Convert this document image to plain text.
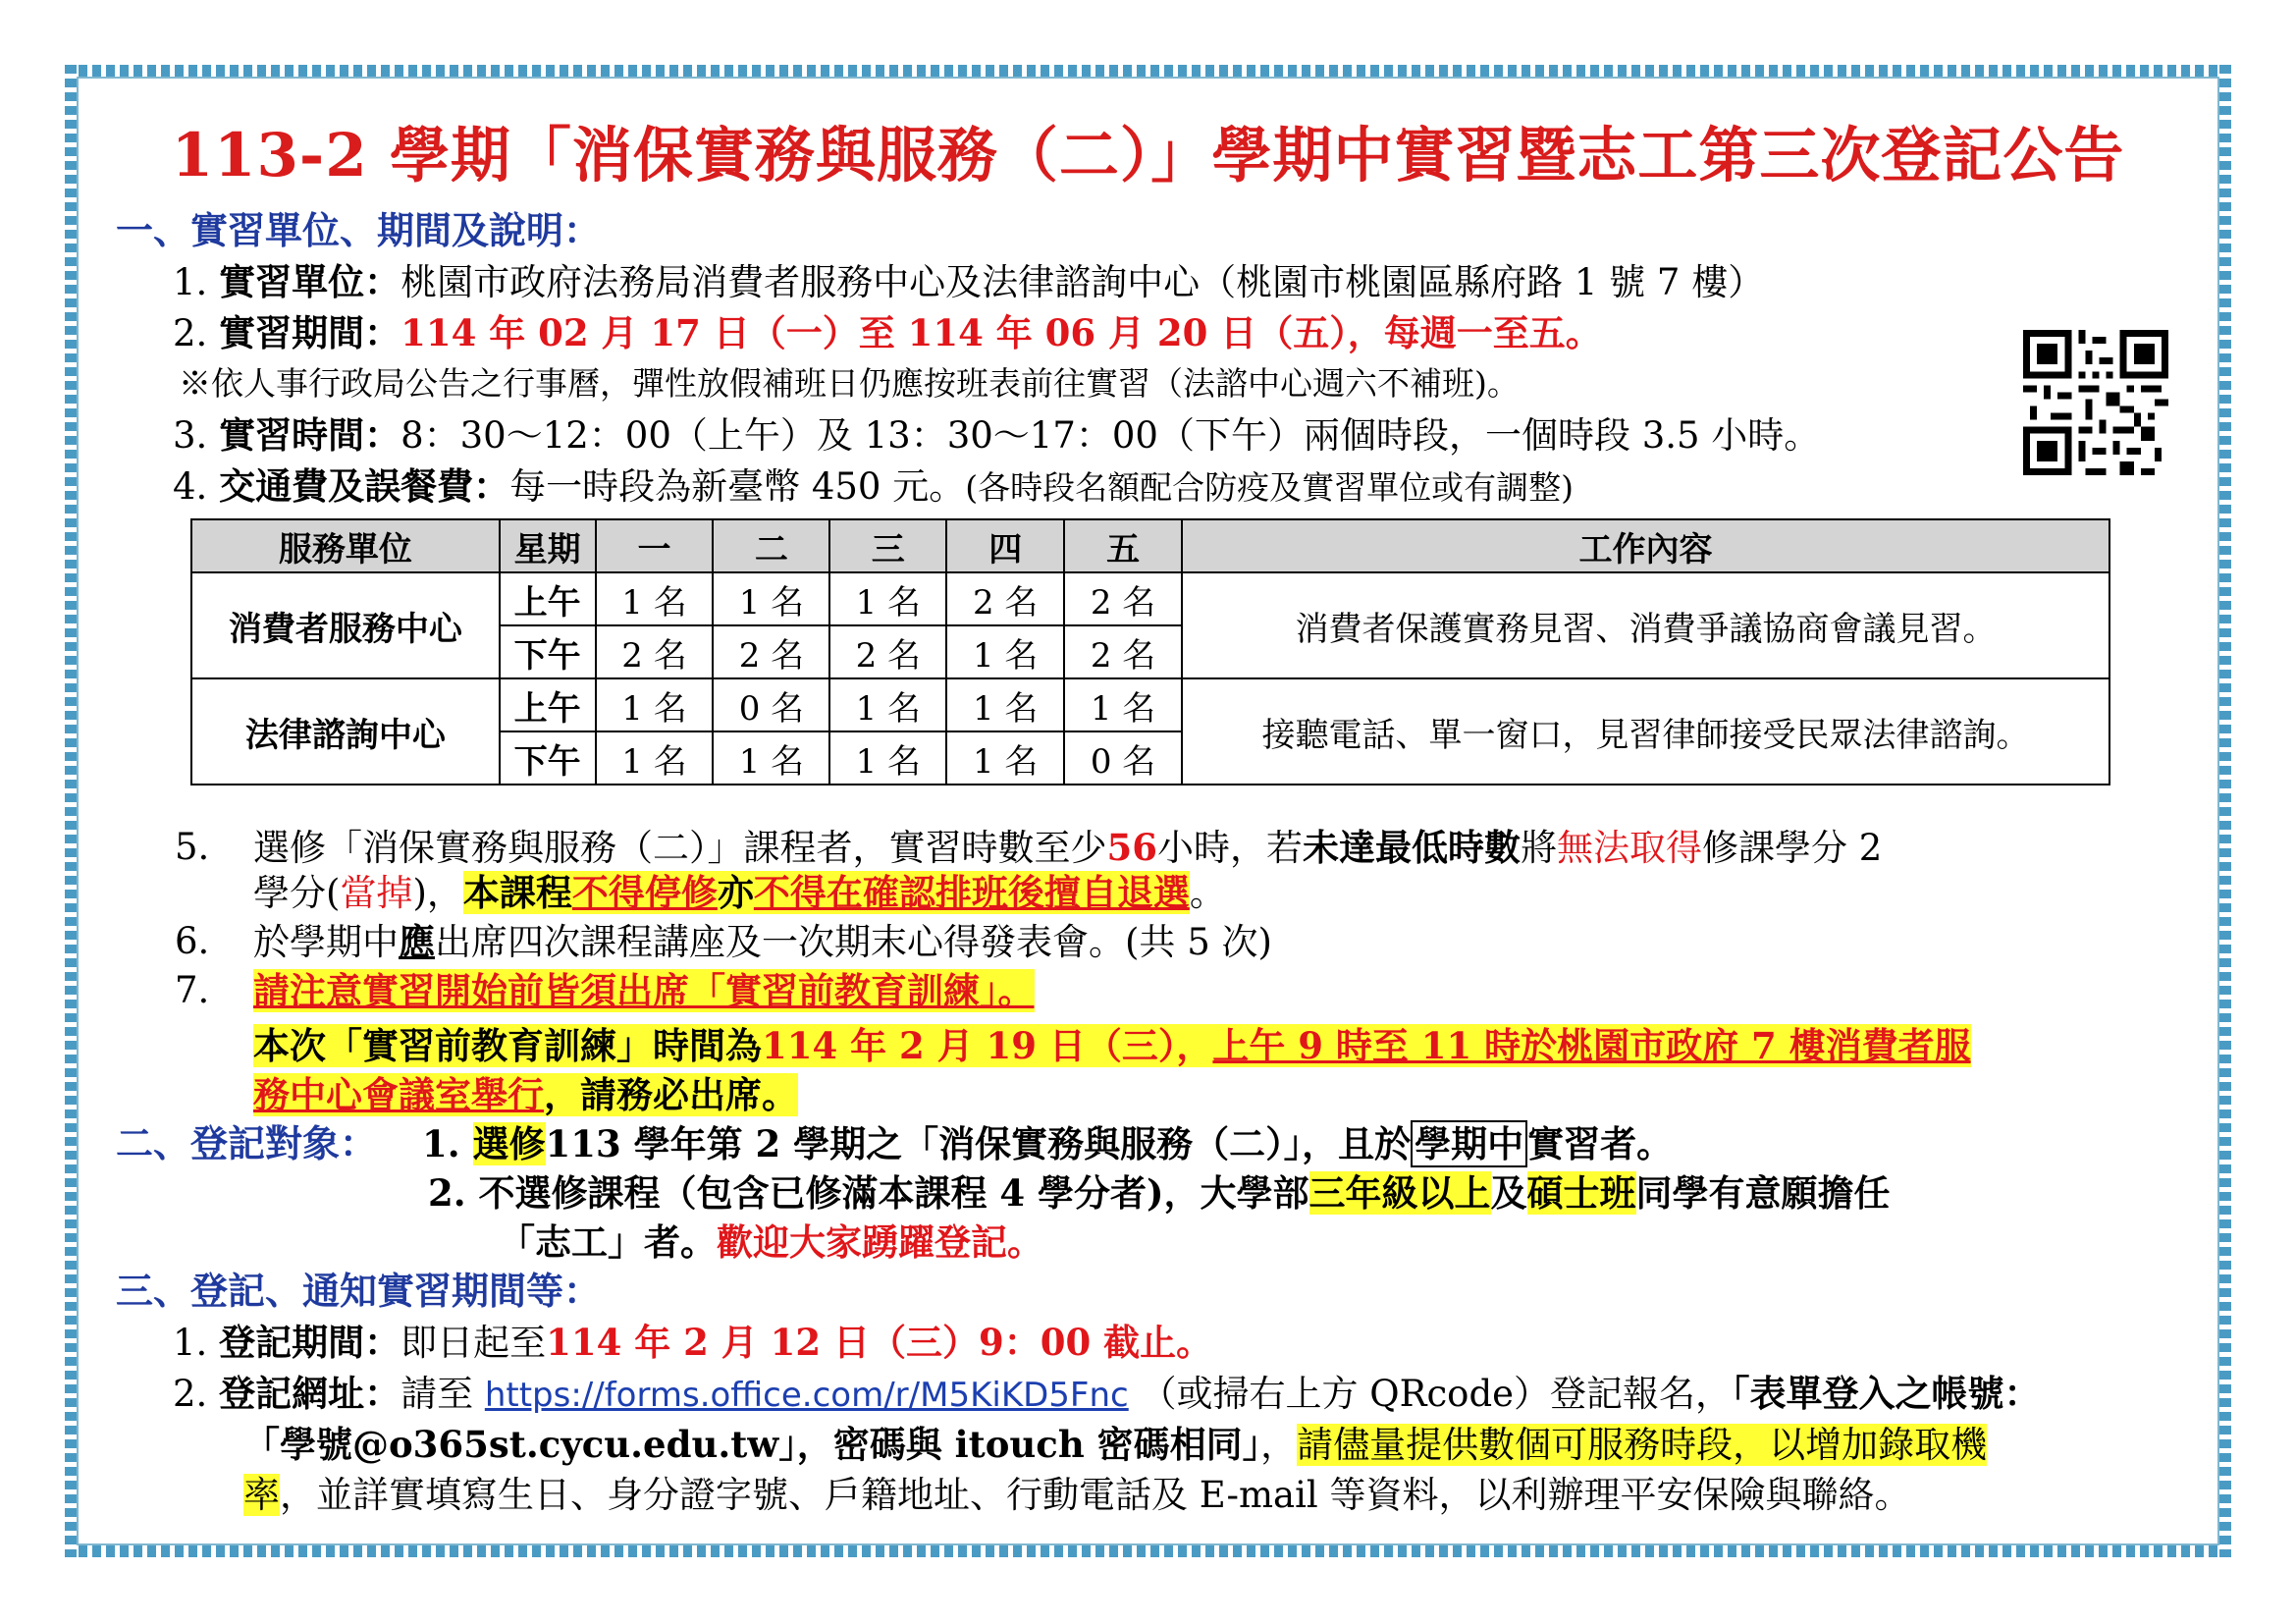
113-2 學期「消保實務與服務（二）」學期中實習暨志工第三次登記公告
一、實習單位、期間及說明：
1. 實習單位：桃園市政府法務局消費者服務中心及法律諮詢中心（桃園市桃園區縣府路 1 號 7 樓）
2. 實習期間：114 年 02 月 17 日（一）至 114 年 06 月 20 日（五），每週一至五。
※依人事行政局公告之行事曆，彈性放假補班日仍應按班表前往實習（法諮中心週六不補班)。
3. 實習時間：8：30～12：00（上午）及 13：30～17：00（下午）兩個時段，一個時段 3.5 小時。
4. 交通費及誤餐費：每一時段為新臺幣 450 元。(各時段名額配合防疫及實習單位或有調整)
服務單位	星期	一	二	三	四	五	工作內容
消費者服務中心	上午	1 名	1 名	1 名	2 名	2 名	消費者保護實務見習、消費爭議協商會議見習。
	下午	2 名	2 名	2 名	1 名	2 名	
法律諮詢中心	上午	1 名	0 名	1 名	1 名	1 名	接聽電話、單一窗口，見習律師接受民眾法律諮詢。
	下午	1 名	1 名	1 名	1 名	0 名	
5. 選修「消保實務與服務（二）」課程者，實習時數至少56小時，若未達最低時數將無法取得修課學分 2
學分(當掉)，本課程不得停修亦不得在確認排班後擅自退選。
6. 於學期中應出席四次課程講座及一次期末心得發表會。(共 5 次)
7. 請注意實習開始前皆須出席「實習前教育訓練」。
本次「實習前教育訓練」時間為114 年 2 月 19 日（三），上午 9 時至 11 時於桃園市政府 7 樓消費者服
務中心會議室舉行，請務必出席。
二、登記對象： 1. 選修113 學年第 2 學期之「消保實務與服務（二）」，且於 學期中 實習者。
2. 不選修課程（包含已修滿本課程 4 學分者)，大學部三年級以上及碩士班同學有意願擔任
「志工」者。歡迎大家踴躍登記。
三、登記、通知實習期間等：
1. 登記期間：即日起至114 年 2 月 12 日（三）9：00 截止。
2. 登記網址：請至 https://forms.office.com/r/M5KiKD5Fnc （或掃右上方 QRcode）登記報名，「表單登入之帳號：
「學號@o365st.cycu.edu.tw」，密碼與 itouch 密碼相同」，請儘量提供數個可服務時段，以增加錄取機
率，並詳實填寫生日、身分證字號、戶籍地址、行動電話及 E-mail 等資料，以利辦理平安保險與聯絡。
